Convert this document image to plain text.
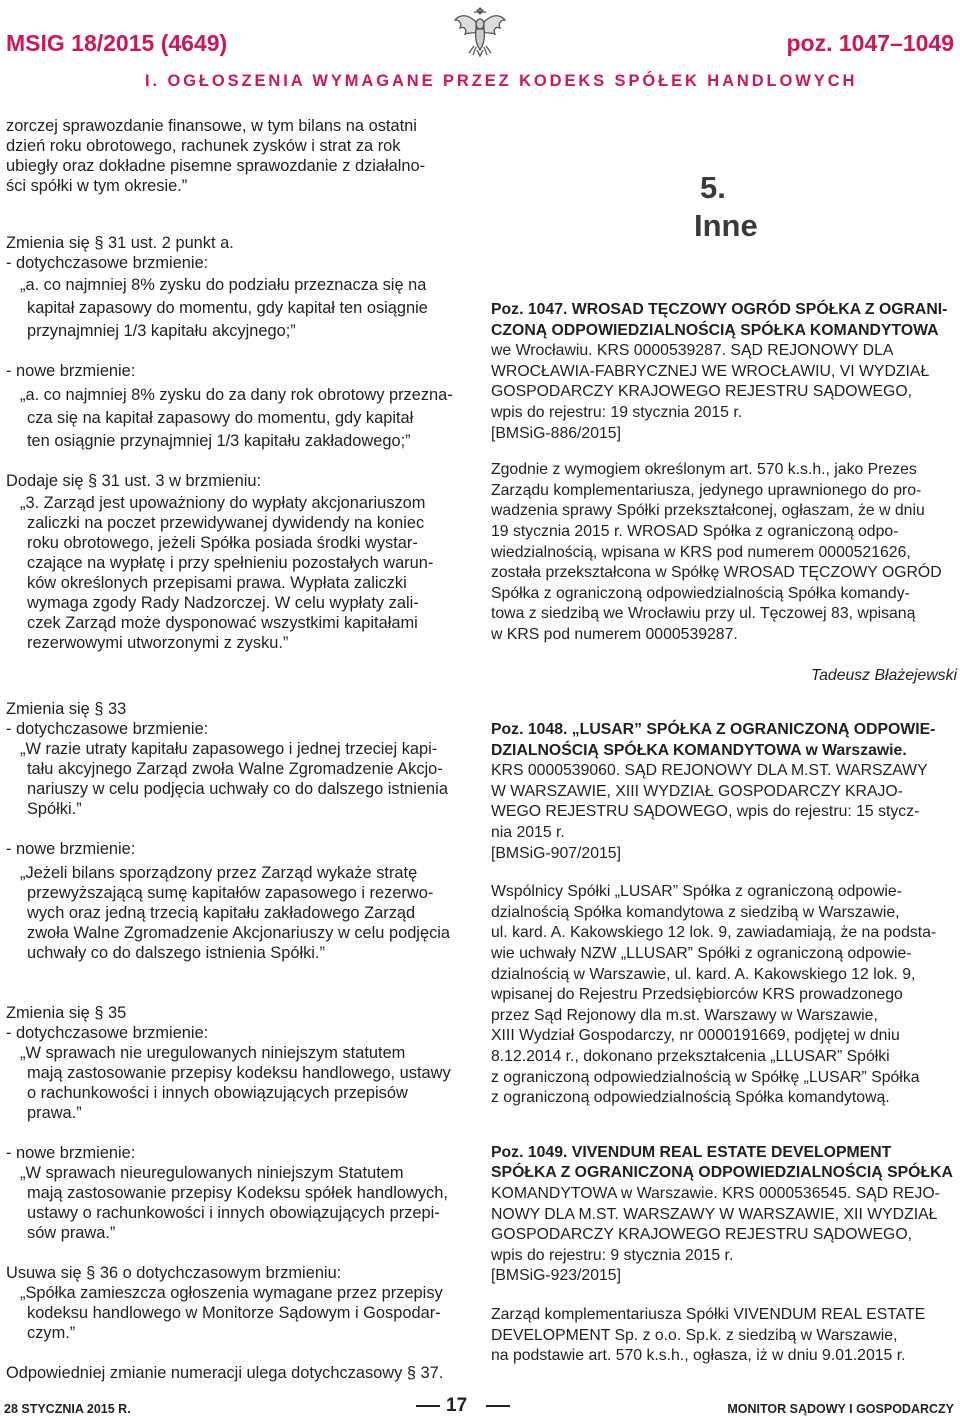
MSIG 18/2015 (4649)	poz. 1047–1049
I. OGŁOSZENIA WYMAGANE PRZEZ KODEKS SPÓŁEK HANDLOWYCH

zorczej sprawozdanie finansowe, w tym bilans na ostatni

dzień roku obrotowego, rachunek zysków i strat za rok

ubiegły oraz dokładne pisemne sprawozdanie z działalno-

ści spółki w tym okresie.”

Zmienia się § 31 ust. 2 punkt a.

- dotychczasowe brzmienie:

„a. co najmniej 8% zysku do podziału przeznacza się na

kapitał zapasowy do momentu, gdy kapitał ten osiągnie

przynajmniej 1/3 kapitału akcyjnego;”

- nowe brzmienie:

„a. co najmniej 8% zysku do za dany rok obrotowy przezna-

cza się na kapitał zapasowy do momentu, gdy kapitał

ten osiągnie przynajmniej 1/3 kapitału zakładowego;”

Dodaje się § 31 ust. 3 w brzmieniu:

„3. Zarząd jest upoważniony do wypłaty akcjonariuszom

zaliczki na poczet przewidywanej dywidendy na koniec

roku obrotowego, jeżeli Spółka posiada środki wystar-

czające na wypłatę i przy spełnieniu pozostałych warun-

ków określonych przepisami prawa. Wypłata zaliczki

wymaga zgody Rady Nadzorczej. W celu wypłaty zali-

czek Zarząd może dysponować wszystkimi kapitałami

rezerwowymi utworzonymi z zysku.”

Zmienia się § 33

- dotychczasowe brzmienie:

„W razie utraty kapitału zapasowego i jednej trzeciej kapi-

tału akcyjnego Zarząd zwoła Walne Zgromadzenie Akcjo-

nariuszy w celu podjęcia uchwały co do dalszego istnienia

Spółki.”

- nowe brzmienie:

„Jeżeli bilans sporządzony przez Zarząd wykaże stratę

przewyższającą sumę kapitałów zapasowego i rezerwo-

wych oraz jedną trzecią kapitału zakładowego Zarząd

zwoła Walne Zgromadzenie Akcjonariuszy w celu podjęcia

uchwały co do dalszego istnienia Spółki.”

Zmienia się § 35

- dotychczasowe brzmienie:

„W sprawach nie uregulowanych niniejszym statutem

mają zastosowanie przepisy kodeksu handlowego, ustawy

o rachunkowości i innych obowiązujących przepisów

prawa.”

- nowe brzmienie:

„W sprawach nieuregulowanych niniejszym Statutem

mają zastosowanie przepisy Kodeksu spółek handlowych,

ustawy o rachunkowości i innych obowiązujących przepi-

sów prawa.”

Usuwa się § 36 o dotychczasowym brzmieniu:

„Spółka zamieszcza ogłoszenia wymagane przez przepisy

kodeksu handlowego w Monitorze Sądowym i Gospodar-

czym.”

Odpowiedniej zmianie numeracji ulega dotychczasowy § 37.

5.
Inne

Poz. 1047. WROSAD TĘCZOWY OGRÓD SPÓŁKA Z OGRANI-

CZONĄ ODPOWIEDZIALNOŚCIĄ SPÓŁKA KOMANDYTOWA

we Wrocławiu. KRS 0000539287. SĄD REJONOWY DLA

WROCŁAWIA-FABRYCZNEJ WE WROCŁAWIU, VI WYDZIAŁ

GOSPODARCZY KRAJOWEGO REJESTRU SĄDOWEGO,

wpis do rejestru: 19 stycznia 2015 r.

[BMSiG-886/2015]

Zgodnie z wymogiem określonym art. 570 k.s.h., jako Prezes

Zarządu komplementariusza, jedynego uprawnionego do pro-

wadzenia sprawy Spółki przekształconej, ogłaszam, że w dniu

19 stycznia 2015 r. WROSAD Spółka z ograniczoną odpo-

wiedzialnością, wpisana w KRS pod numerem 0000521626,

została przekształcona w Spółkę WROSAD TĘCZOWY OGRÓD

Spółka z ograniczoną odpowiedzialnością Spółka komandy-

towa z siedzibą we Wrocławiu przy ul. Tęczowej 83, wpisaną

w KRS pod numerem 0000539287.

Tadeusz Błażejewski

Poz. 1048. „LUSAR” SPÓŁKA Z OGRANICZONĄ ODPOWIE-

DZIALNOŚCIĄ SPÓŁKA KOMANDYTOWA w Warszawie.

KRS 0000539060. SĄD REJONOWY DLA M.ST. WARSZAWY

W WARSZAWIE, XIII WYDZIAŁ GOSPODARCZY KRAJO-

WEGO REJESTRU SĄDOWEGO, wpis do rejestru: 15 stycz-

nia 2015 r.

[BMSiG-907/2015]

Wspólnicy Spółki „LUSAR” Spółka z ograniczoną odpowie-

dzialnością Spółka komandytowa z siedzibą w Warszawie,

ul. kard. A. Kakowskiego 12 lok. 9, zawiadamiają, że na podsta-

wie uchwały NZW „LLUSAR” Spółki z ograniczoną odpowie-

dzialnością w Warszawie, ul. kard. A. Kakowskiego 12 lok. 9,

wpisanej do Rejestru Przedsiębiorców KRS prowadzonego

przez Sąd Rejonowy dla m.st. Warszawy w Warszawie,

XIII Wydział Gospodarczy, nr 0000191669, podjętej w dniu

8.12.2014 r., dokonano przekształcenia „LLUSAR” Spółki

z ograniczoną odpowiedzialnością w Spółkę „LUSAR” Spółka

z ograniczoną odpowiedzialnością Spółka komandytową.

Poz. 1049. VIVENDUM REAL ESTATE DEVELOPMENT

SPÓŁKA Z OGRANICZONĄ ODPOWIEDZIALNOŚCIĄ SPÓŁKA

KOMANDYTOWA w Warszawie. KRS 0000536545. SĄD REJO-

NOWY DLA M.ST. WARSZAWY W WARSZAWIE, XII WYDZIAŁ

GOSPODARCZY KRAJOWEGO REJESTRU SĄDOWEGO,

wpis do rejestru: 9 stycznia 2015 r.

[BMSiG-923/2015]

Zarząd komplementariusza Spółki VIVENDUM REAL ESTATE

DEVELOPMENT Sp. z o.o. Sp.k. z siedzibą w Warszawie,

na podstawie art. 570 k.s.h., ogłasza, iż w dniu 9.01.2015 r.

28 STYCZNIA 2015 R.	17	MONITOR SĄDOWY I GOSPODARCZY
